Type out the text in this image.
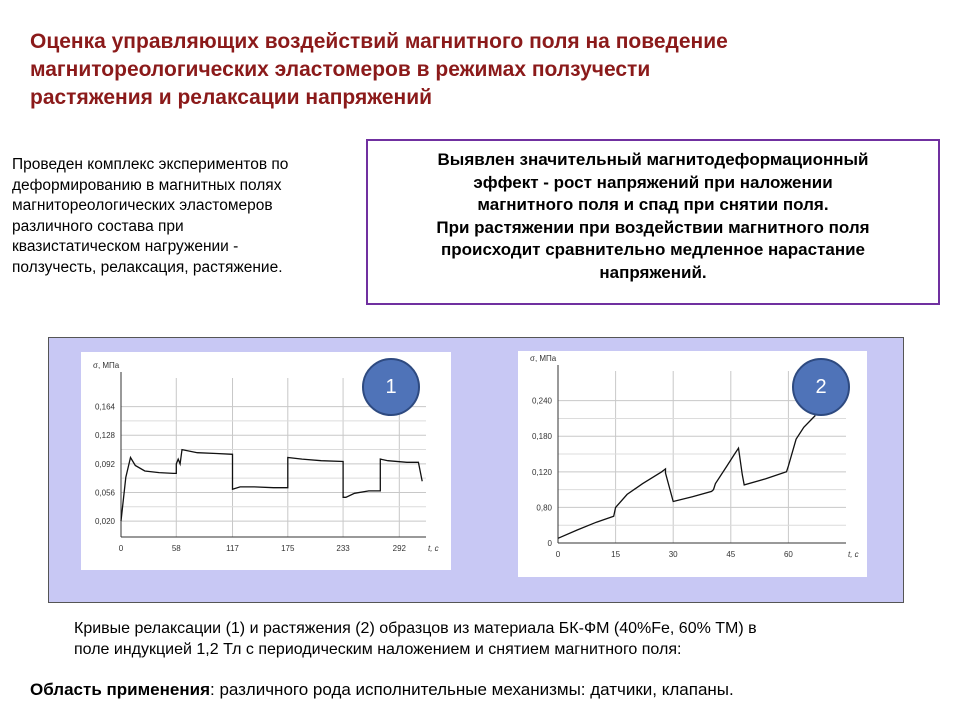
Оценка управляющих воздействий магнитного поля на поведение
магнитореологических эластомеров в режимах ползучести
растяжения и релаксации напряжений
Проведен комплекс экспериментов по
деформированию в магнитных полях
магнитореологических эластомеров
различного состава при
квазистатическом нагружении -
ползучесть, релаксация, растяжение.
Выявлен значительный магнитодеформационный
эффект - рост напряжений при наложении
магнитного поля и спад при снятии поля.
При растяжении при воздействии магнитного поля
происходит сравнительно медленное нарастание
напряжений.
0	58	117	175	233	292
0,020
0,056
0,092
0,128
0,164
σ, МПа
t, с
1
0	15	30	45	60
0
0,80
0,120
0,180
0,240
σ, МПа
t, с
2
Кривые релаксации (1) и растяжения (2) образцов из материала БК-ФМ (40%Fe, 60% ТМ) в
поле индукцией 1,2 Тл с периодическим наложением и снятием магнитного поля:
Область применения: различного рода исполнительные механизмы: датчики, клапаны.
